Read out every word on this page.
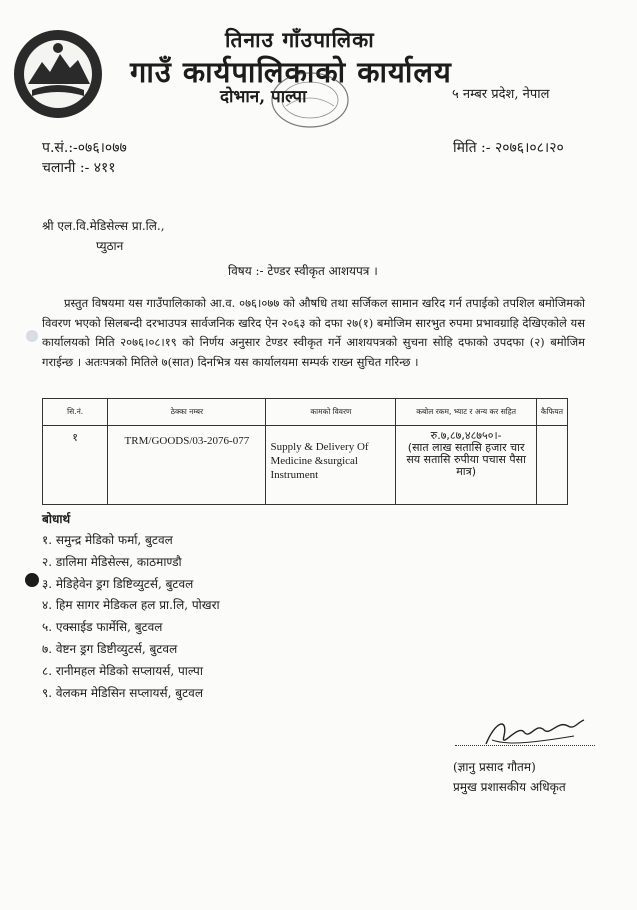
तिनाउ गाँउपालिका
गाउँ कार्यपालिकाको कार्यालय
दोभान, पाल्पा	५ नम्बर प्रदेश, नेपाल
प.सं.:-०७६।०७७
चलानी :- ४११
मिति :- २०७६।०८।२०
श्री एल.वि.मेडिसेल्स प्रा.लि.,
प्युठान
विषय :- टेण्डर स्वीकृत आशयपत्र ।
प्रस्तुत विषयमा यस गाउँपालिकाको आ.व. ०७६।०७७ को औषधि तथा सर्जिकल सामान खरिद गर्न तपाईको तपशिल बमोजिमको विवरण भएको सिलबन्दी दरभाउपत्र सार्वजनिक खरिद ऐन २०६३ को दफा २७(१) बमोजिम सारभुत रुपमा प्रभावग्राहि देखिएकोले यस कार्यालयको मिति २०७६।०८।१९ को निर्णय अनुसार टेण्डर स्वीकृत गर्ने आशयपत्रको सुचना सोहि दफाको उपदफा (२) बमोजिम गराईन्छ । अतःपत्रको मितिले ७(सात) दिनभित्र यस कार्यालयमा सम्पर्क राख्न सुचित गरिन्छ ।
सि.नं.	ठेक्का नम्बर	कामको विवरण	कबोल रकम, भ्याट र अन्य कर सहित	कैफियत
१	TRM/GOODS/03-2076-077	Supply & Delivery Of Medicine &surgical Instrument	रु.७,८७,४८७५०।-
(सात लाख सतासि हजार चार सय सतासि रुपीया पचास पैसा मात्र)	

बोधार्थ
१. समुन्द्र मेडिको फर्मा, बुटवल
२. डालिमा मेडिसेल्स, काठमाण्डौ
३. मेडिहेवेन ड्रग डिष्टिव्युटर्स, बुटवल
४. हिम सागर मेडिकल हल प्रा.लि, पोखरा
५. एक्साईड फार्मेसि, बुटवल
७. वेष्टन ड्रग डिष्टीव्युटर्स, बुटवल
८. रानीमहल मेडिको सप्लायर्स, पाल्पा
९. वेलकम मेडिसिन सप्लायर्स, बुटवल
(ज्ञानु प्रसाद गौतम)
प्रमुख प्रशासकीय अधिकृत
